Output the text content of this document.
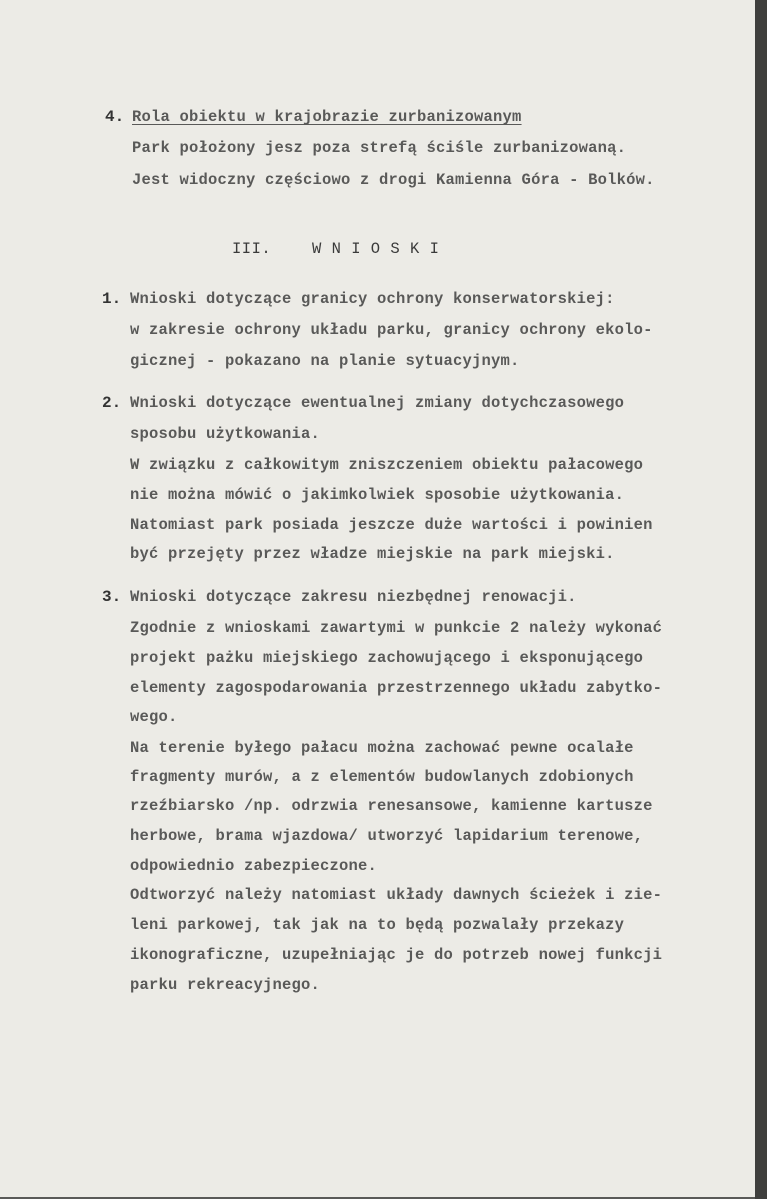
4. Rola obiektu w krajobrazie zurbanizowanym
Park położony jesz poza strefą ściśle zurbanizowaną.
Jest widoczny częściowo z drogi Kamienna Góra - Bolków.
III.	W N I O S K I
1. Wnioski dotyczące granicy ochrony konserwatorskiej:
w zakresie ochrony układu parku, granicy ochrony ekolo-
gicznej - pokazano na planie sytuacyjnym.
2. Wnioski dotyczące ewentualnej zmiany dotychczasowego
sposobu użytkowania.
W związku z całkowitym zniszczeniem obiektu pałacowego
nie można mówić o jakimkolwiek sposobie użytkowania.
Natomiast park posiada jeszcze duże wartości i powinien
być przejęty przez władze miejskie na park miejski.
3. Wnioski dotyczące zakresu niezbędnej renowacji.
Zgodnie z wnioskami zawartymi w punkcie 2 należy wykonać
projekt pażku miejskiego zachowującego i eksponującego
elementy zagospodarowania przestrzennego układu zabytko-
wego.
Na terenie byłego pałacu można zachować pewne ocalałe
fragmenty murów, a z elementów budowlanych zdobionych
rzeźbiarsko /np. odrzwia renesansowe, kamienne kartusze
herbowe, brama wjazdowa/ utworzyć lapidarium terenowe,
odpowiednio zabezpieczone.
Odtworzyć należy natomiast układy dawnych ścieżek i zie-
leni parkowej, tak jak na to będą pozwalały przekazy
ikonograficzne, uzupełniając je do potrzeb nowej funkcji
parku rekreacyjnego.
